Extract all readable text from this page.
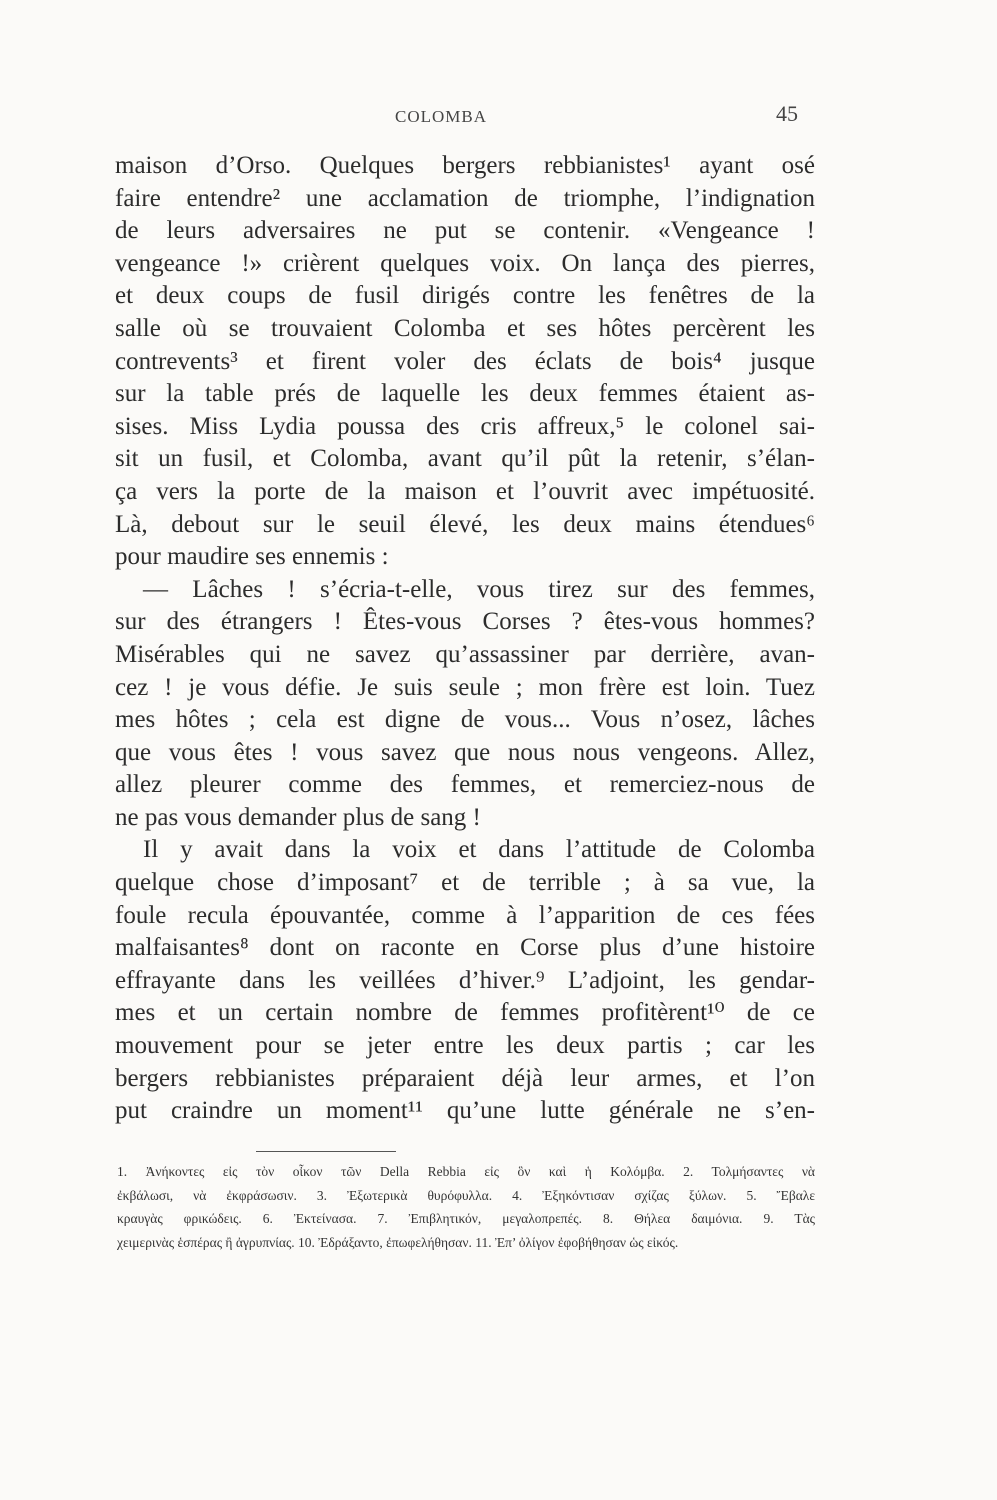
COLOMBA	45
maison d’Orso. Quelques bergers rebbianistes¹ ayant osé
faire entendre² une acclamation de triomphe, l’indignation
de leurs adversaires ne put se contenir. «Vengeance !
vengeance !» crièrent quelques voix. On lança des pierres,
et deux coups de fusil dirigés contre les fenêtres de la
salle où se trouvaient Colomba et ses hôtes percèrent les
contrevents³ et firent voler des éclats de bois⁴ jusque
sur la table prés de laquelle les deux femmes étaient as-
sises. Miss Lydia poussa des cris affreux,⁵ le colonel sai-
sit un fusil, et Colomba, avant qu’il pût la retenir, s’élan-
ça vers la porte de la maison et l’ouvrit avec impétuosité.
Là, debout sur le seuil élevé, les deux mains étendues⁶
pour maudire ses ennemis :
— Lâches ! s’écria-t-elle, vous tirez sur des femmes,
sur des étrangers ! Êtes-vous Corses ? êtes-vous hommes?
Misérables qui ne savez qu’assassiner par derrière, avan-
cez ! je vous défie. Je suis seule ; mon frère est loin. Tuez
mes hôtes ; cela est digne de vous... Vous n’osez, lâches
que vous êtes ! vous savez que nous nous vengeons. Allez,
allez pleurer comme des femmes, et remerciez-nous de
ne pas vous demander plus de sang !
Il y avait dans la voix et dans l’attitude de Colomba
quelque chose d’imposant⁷ et de terrible ; à sa vue, la
foule recula épouvantée, comme à l’apparition de ces fées
malfaisantes⁸ dont on raconte en Corse plus d’une histoire
effrayante dans les veillées d’hiver.⁹ L’adjoint, les gendar-
mes et un certain nombre de femmes profitèrent¹⁰ de ce
mouvement pour se jeter entre les deux partis ; car les
bergers rebbianistes préparaient déjà leur armes, et l’on
put craindre un moment¹¹ qu’une lutte générale ne s’en-
1. Ἀνήκοντες εἰς τὸν οἶκον τῶν Della Rebbia εἰς ὃν καὶ ἡ Κολόμβα. 2. Τολμήσαντες νὰ
ἐκβάλωσι, νὰ ἐκφράσωσιν. 3. Ἐξωτερικὰ θυρόφυλλα. 4. Ἐξηκόντισαν σχίζας ξύλων. 5. Ἔβαλε
κραυγὰς φρικώδεις. 6. Ἐκτείνασα. 7. Ἐπιβλητικόν, μεγαλοπρεπές. 8. Θήλεα δαιμόνια. 9. Τὰς
χειμερινὰς ἑσπέρας ἢ ἀγρυπνίας. 10. Ἐδράξαντο, ἐπωφελήθησαν. 11. Ἐπ’ ὀλίγον ἐφοβήθησαν ὡς εἰκός.
